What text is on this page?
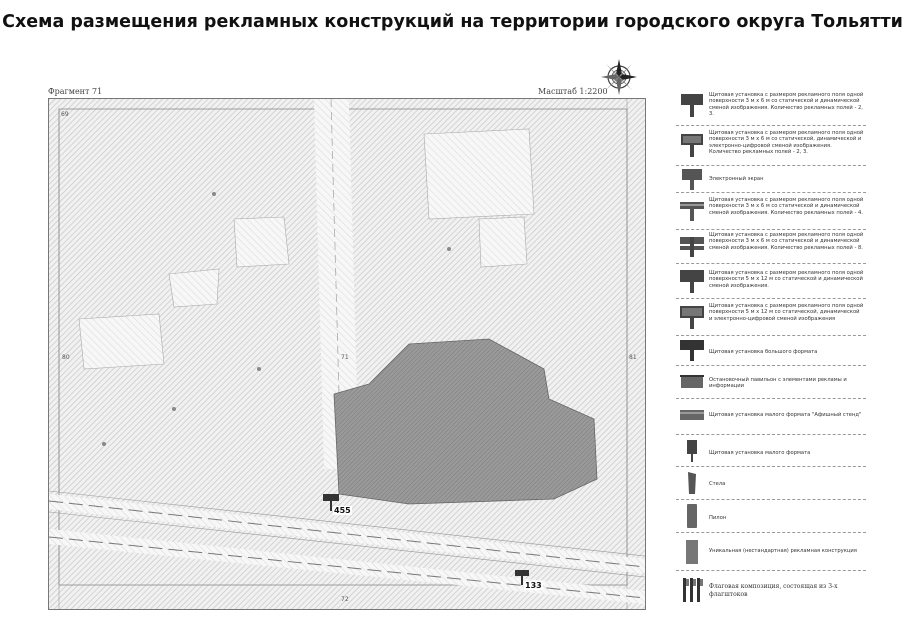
Схема размещения рекламных конструкций на территории городского округа Тольятти
Фрагмент 71	Масштаб 1:2200
69
80	71	81
72
455
133
Щитовая установка с размером рекламного поля одной поверхности 3 м х 6 м со статической и динамической сменой изображения. Количество рекламных полей - 2, 3.
Щитовая установка с размером рекламного поля одной поверхности 3 м х 6 м со статической, динамической и электронно-цифровой сменой изображения. Количество рекламных полей - 2, 3.
Электронный экран
Щитовая установка с размером рекламного поля одной поверхности 3 м х 6 м со статической и динамической сменой изображения. Количество рекламных полей - 4.
Щитовая установка с размером рекламного поля одной поверхности 3 м х 6 м со статической и динамической сменой изображения. Количество рекламных полей - 8.
Щитовая установка с размером рекламного поля одной поверхности 5 м х 12 м со статической и динамической сменой изображения.
Щитовая установка с размером рекламного поля одной поверхности 5 м х 12 м со статической, динамической и электронно-цифровой сменой изображения
Щитовая установка большого формата
Остановочный павильон с элементами рекламы и информации
Щитовая установка малого формата "Афишный стенд"
Щитовая установка малого формата
Стела
Пилон
Уникальная (нестандартная) рекламная конструкция
Флаговая композиция, состоящая из 3-х флагштоков
